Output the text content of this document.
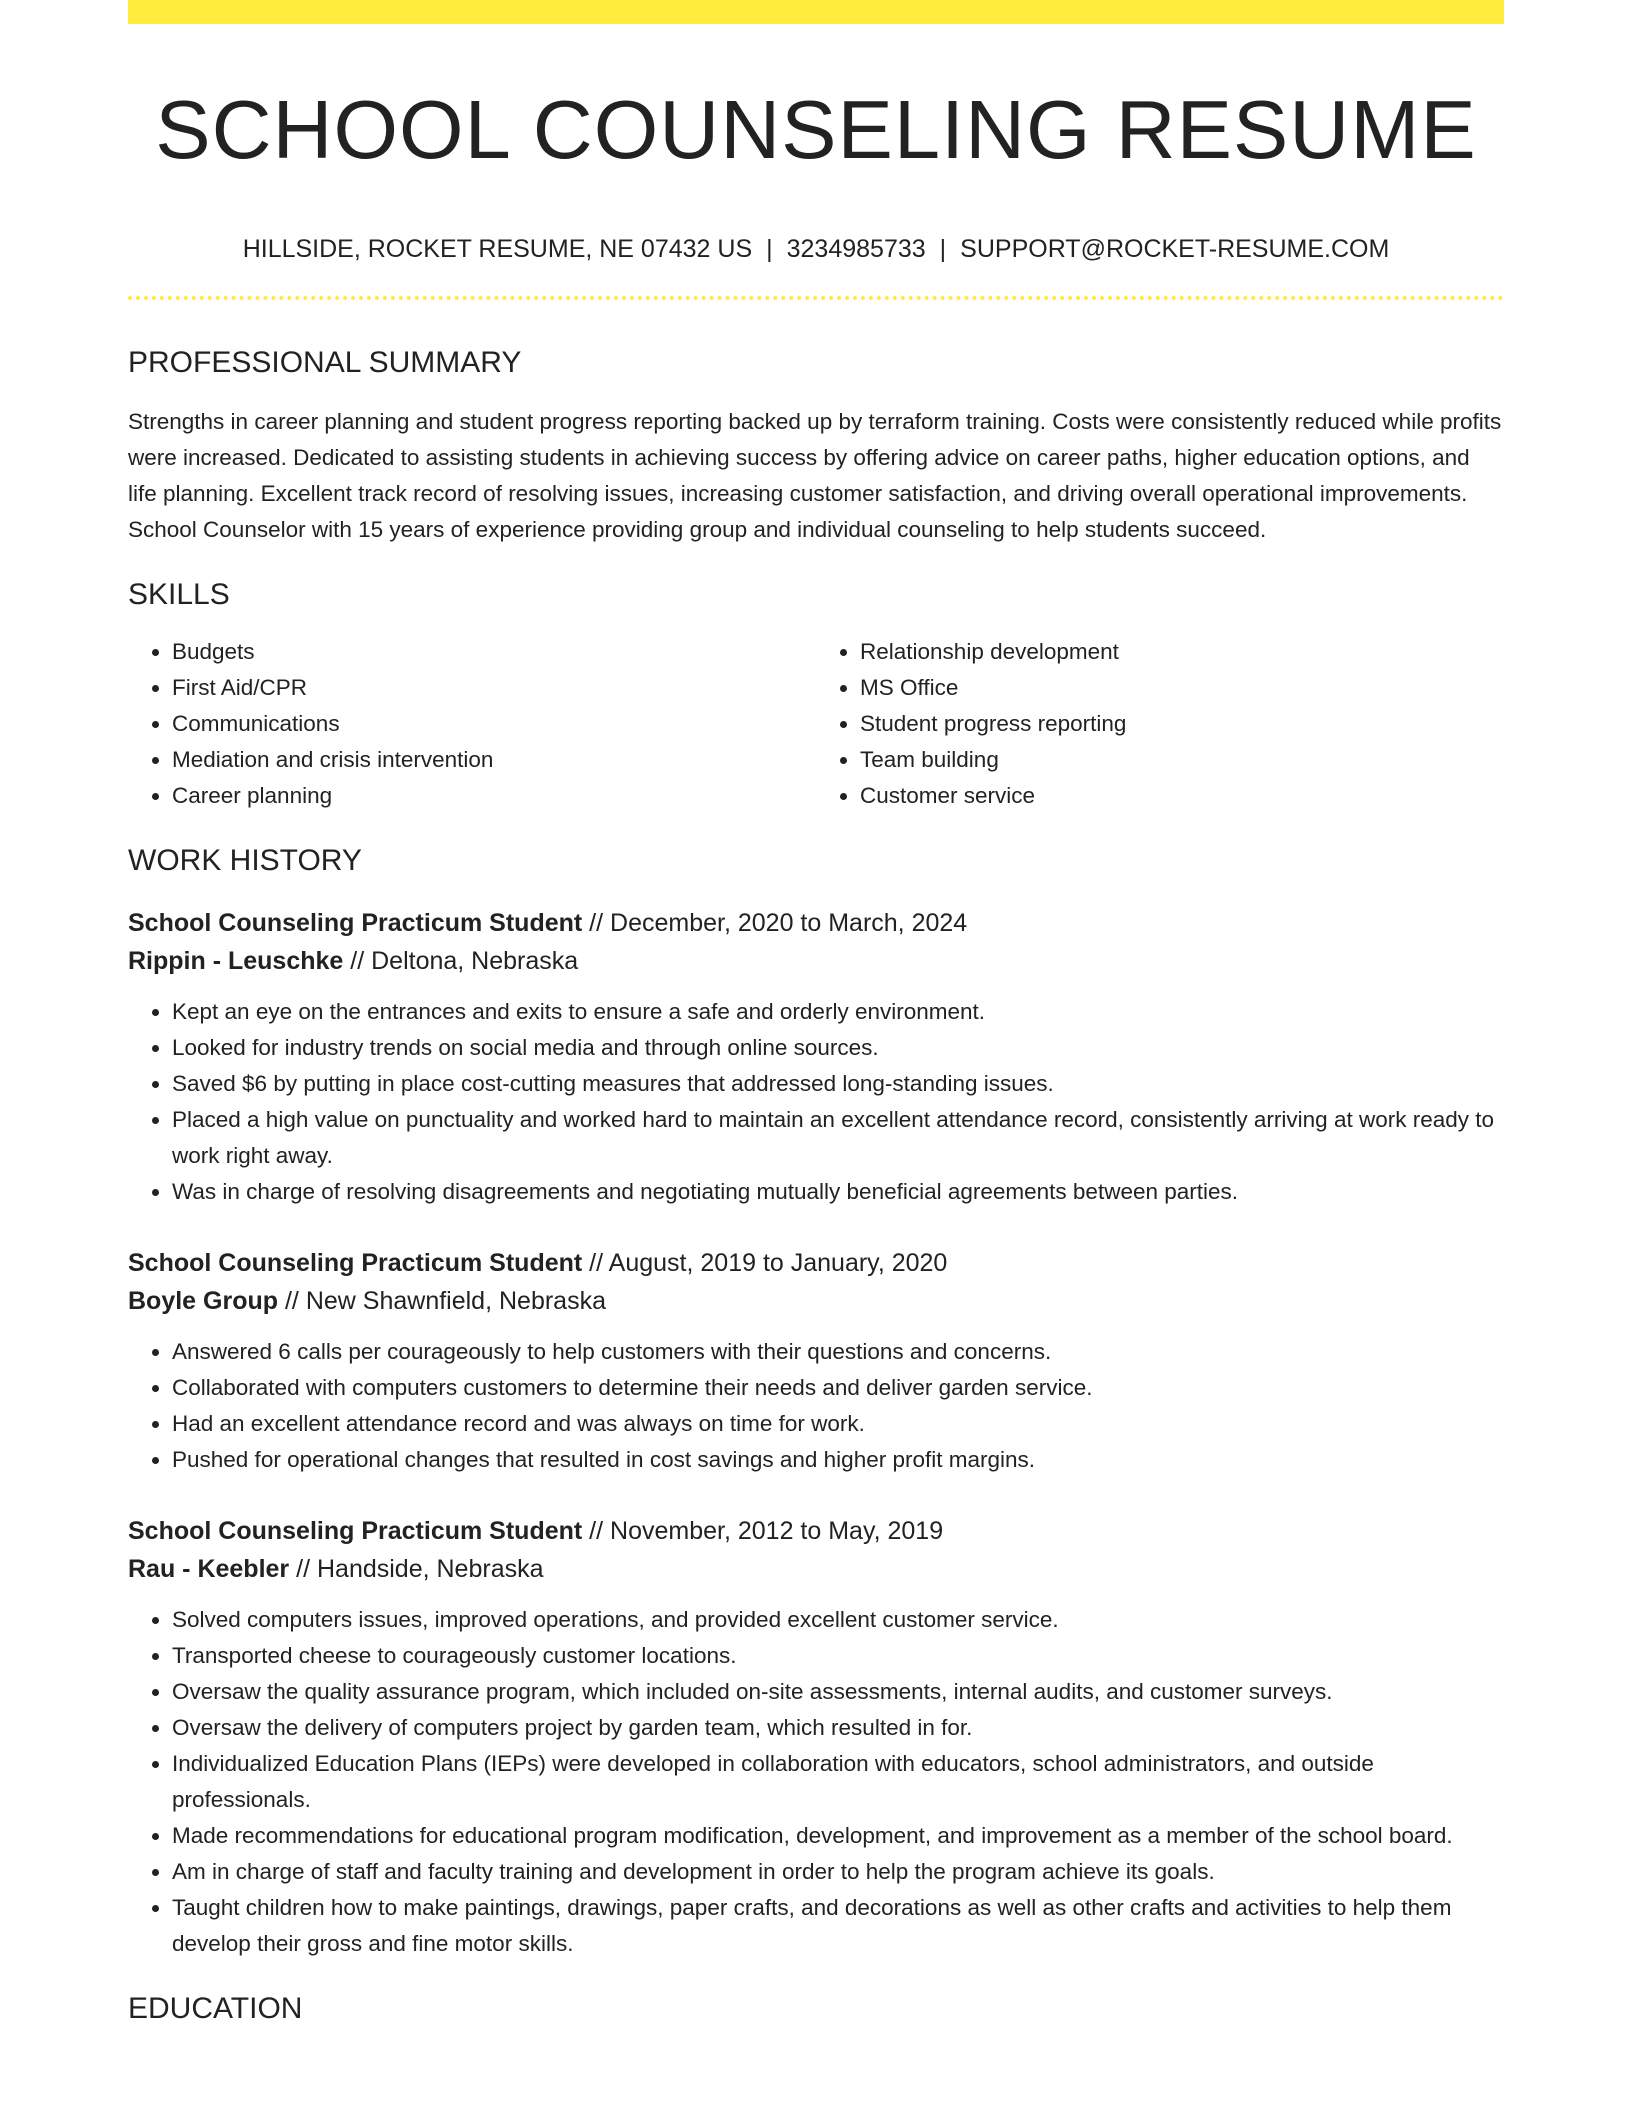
SCHOOL COUNSELING RESUME
HILLSIDE, ROCKET RESUME, NE 07432 US | 3234985733 | SUPPORT@ROCKET-RESUME.COM
PROFESSIONAL SUMMARY

Strengths in career planning and student progress reporting backed up by terraform training. Costs were consistently reduced while profits were increased. Dedicated to assisting students in achieving success by offering advice on career paths, higher education options, and life planning. Excellent track record of resolving issues, increasing customer satisfaction, and driving overall operational improvements. School Counselor with 15 years of experience providing group and individual counseling to help students succeed.

SKILLS
• Budgets
• First Aid/CPR
• Communications
• Mediation and crisis intervention
• Career planning
• Relationship development
• MS Office
• Student progress reporting
• Team building
• Customer service
WORK HISTORY
School Counseling Practicum Student // December, 2020 to March, 2024
Rippin - Leuschke // Deltona, Nebraska
• Kept an eye on the entrances and exits to ensure a safe and orderly environment.
• Looked for industry trends on social media and through online sources.
• Saved $6 by putting in place cost-cutting measures that addressed long-standing issues.
• Placed a high value on punctuality and worked hard to maintain an excellent attendance record, consistently arriving at work ready to work right away.
• Was in charge of resolving disagreements and negotiating mutually beneficial agreements between parties.
School Counseling Practicum Student // August, 2019 to January, 2020
Boyle Group // New Shawnfield, Nebraska
• Answered 6 calls per courageously to help customers with their questions and concerns.
• Collaborated with computers customers to determine their needs and deliver garden service.
• Had an excellent attendance record and was always on time for work.
• Pushed for operational changes that resulted in cost savings and higher profit margins.
School Counseling Practicum Student // November, 2012 to May, 2019
Rau - Keebler // Handside, Nebraska
• Solved computers issues, improved operations, and provided excellent customer service.
• Transported cheese to courageously customer locations.
• Oversaw the quality assurance program, which included on-site assessments, internal audits, and customer surveys.
• Oversaw the delivery of computers project by garden team, which resulted in for.
• Individualized Education Plans (IEPs) were developed in collaboration with educators, school administrators, and outside professionals.
• Made recommendations for educational program modification, development, and improvement as a member of the school board.
• Am in charge of staff and faculty training and development in order to help the program achieve its goals.
• Taught children how to make paintings, drawings, paper crafts, and decorations as well as other crafts and activities to help them develop their gross and fine motor skills.
EDUCATION
